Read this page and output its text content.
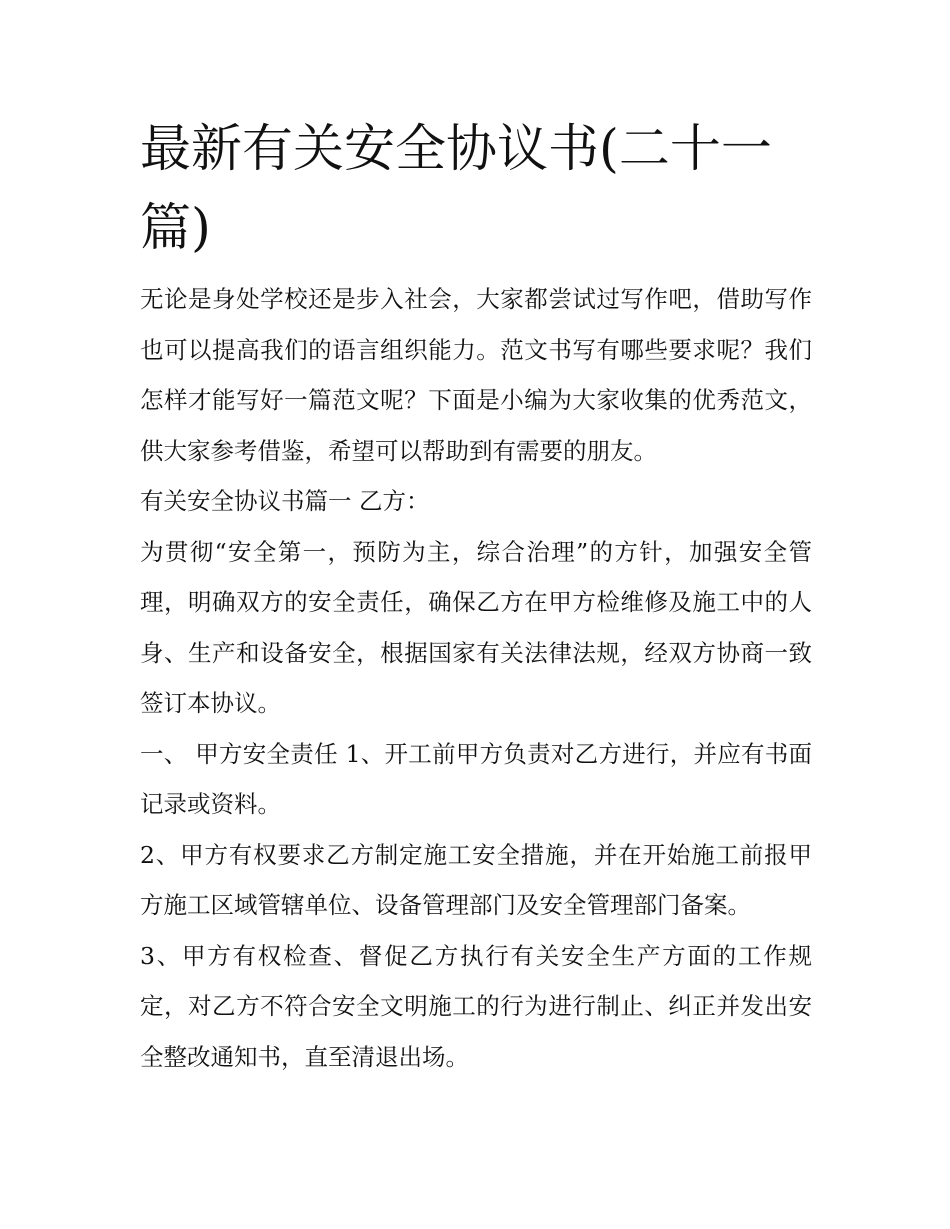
最新有关安全协议书(二十一篇)

无论是身处学校还是步入社会，大家都尝试过写作吧，借助写作也可以提高我们的语言组织能力。范文书写有哪些要求呢？我们怎样才能写好一篇范文呢？下面是小编为大家收集的优秀范文，供大家参考借鉴，希望可以帮助到有需要的朋友。

有关安全协议书篇一 乙方：

为贯彻“安全第一，预防为主，综合治理”的方针，加强安全管理，明确双方的安全责任，确保乙方在甲方检维修及施工中的人身、生产和设备安全，根据国家有关法律法规，经双方协商一致签订本协议。

一、 甲方安全责任 1、开工前甲方负责对乙方进行，并应有书面记录或资料。

2、甲方有权要求乙方制定施工安全措施，并在开始施工前报甲方施工区域管辖单位、设备管理部门及安全管理部门备案。

3、甲方有权检查、督促乙方执行有关安全生产方面的工作规定，对乙方不符合安全文明施工的行为进行制止、纠正并发出安全整改通知书，直至清退出场。
